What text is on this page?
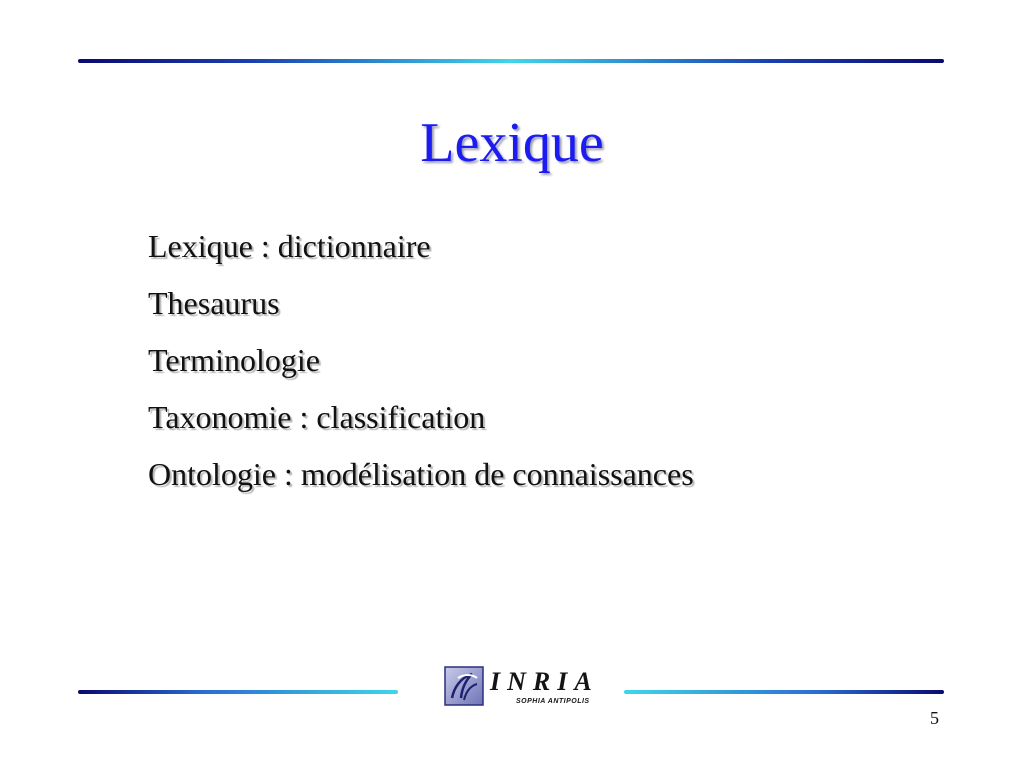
Lexique
Lexique : dictionnaire
Thesaurus
Terminologie
Taxonomie : classification
Ontologie : modélisation de connaissances
INRIA
SOPHIA ANTIPOLIS
5
